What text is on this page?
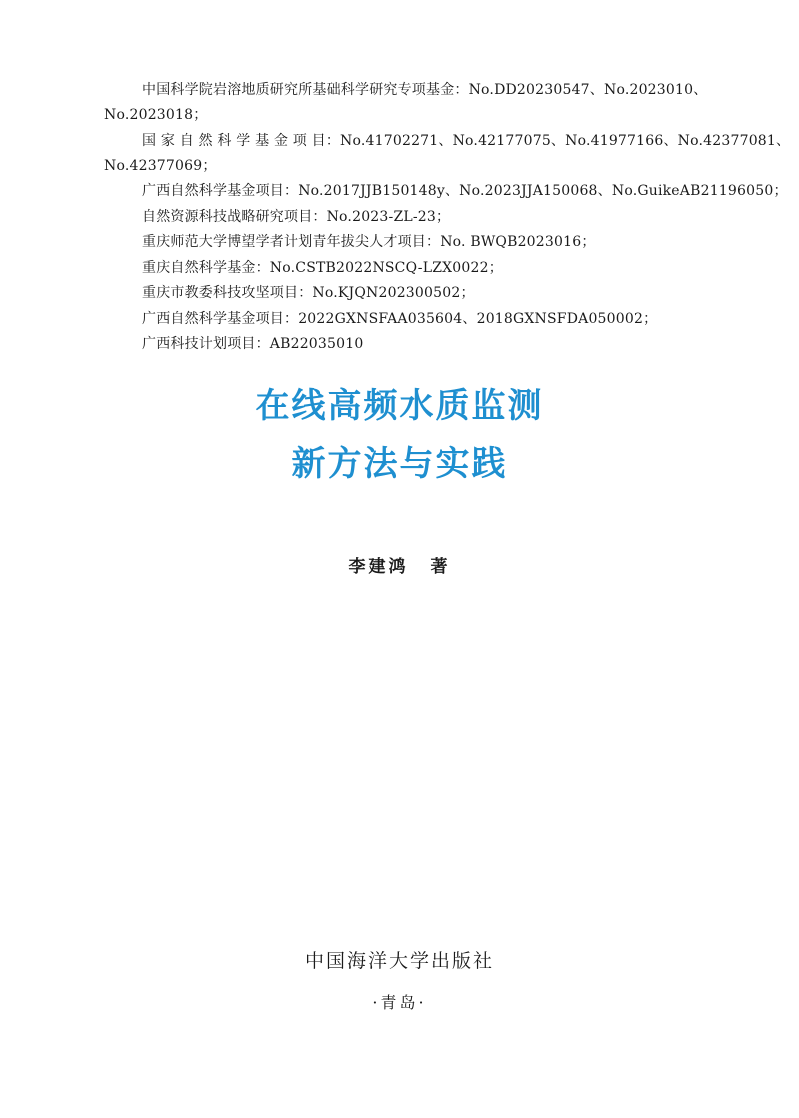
中国科学院岩溶地质研究所基础科学研究专项基金：No.DD20230547、No.2023010、
No.2023018；
国 家 自 然 科 学 基 金 项 目：No.41702271、No.42177075、No.41977166、No.42377081、
No.42377069；
广西自然科学基金项目：No.2017JJB150148y、No.2023JJA150068、No.GuikeAB21196050；
自然资源科技战略研究项目：No.2023-ZL-23；
重庆师范大学博望学者计划青年拔尖人才项目：No. BWQB2023016；
重庆自然科学基金：No.CSTB2022NSCQ-LZX0022；
重庆市教委科技攻坚项目：No.KJQN202300502；
广西自然科学基金项目：2022GXNSFAA035604、2018GXNSFDA050002；
广西科技计划项目：AB22035010
在线高频水质监测
新方法与实践
李建鸿 著
中国海洋大学出版社
·青岛·
